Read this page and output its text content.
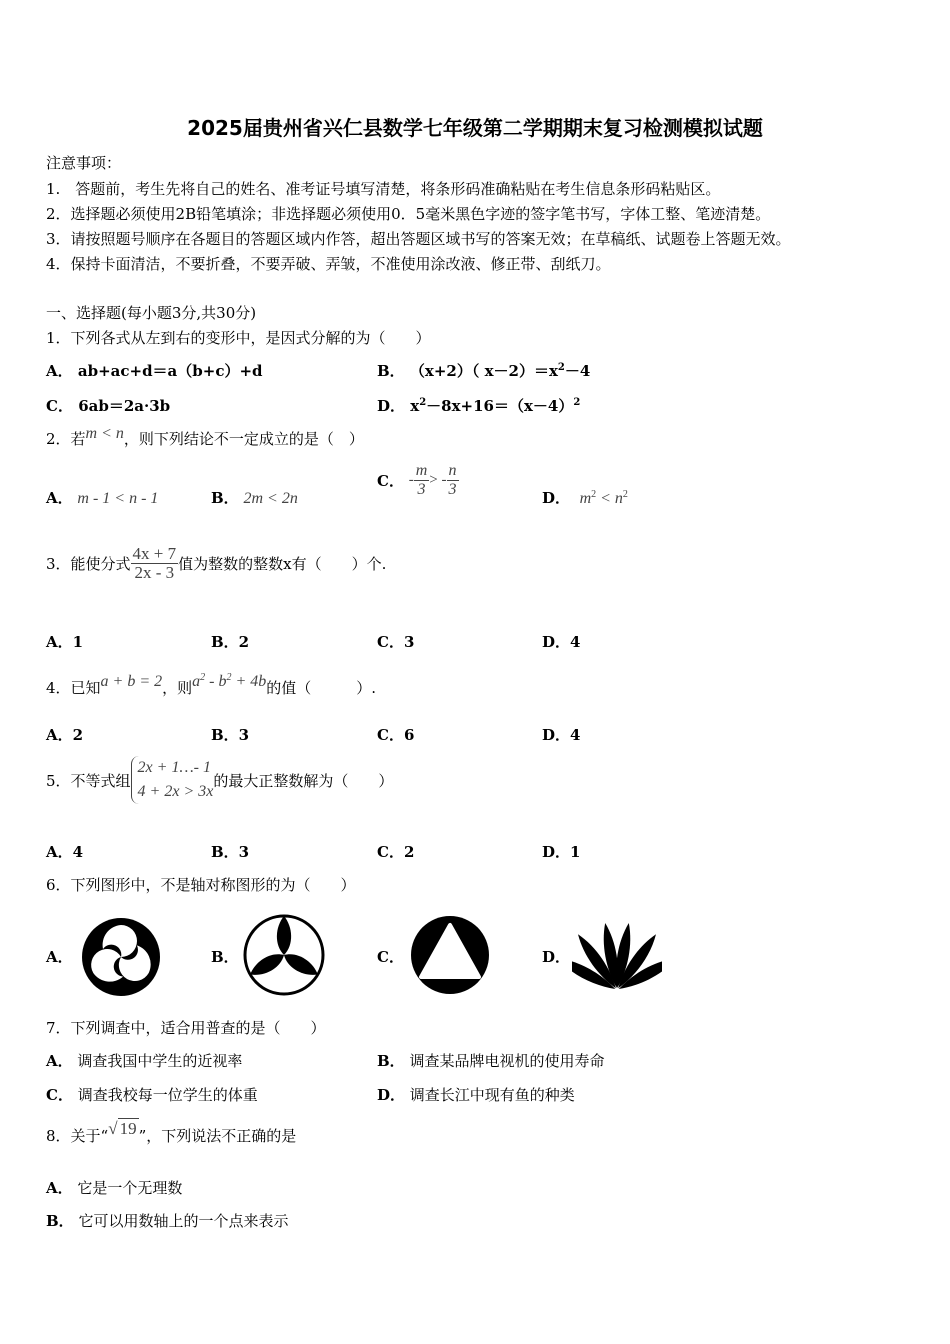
2025届贵州省兴仁县数学七年级第二学期期末复习检测模拟试题
注意事项：
1.　答题前，考生先将自己的姓名、准考证号填写清楚，将条形码准确粘贴在考生信息条形码粘贴区。
2．选择题必须使用2B铅笔填涂；非选择题必须使用0．5毫米黑色字迹的签字笔书写，字体工整、笔迹清楚。
3．请按照题号顺序在各题目的答题区域内作答，超出答题区域书写的答案无效；在草稿纸、试题卷上答题无效。
4．保持卡面清洁，不要折叠，不要弄破、弄皱，不准使用涂改液、修正带、刮纸刀。
一、选择题(每小题3分,共30分)
1．下列各式从左到右的变形中，是因式分解的为（　　）
A． ab+ac+d＝a（b+c）+d	B． （x+2）（ $x-2)=x^2-4$
C． 6ab＝2a·3b	D． $x^2-8x+16=(x-4)^2$
2．若m < n，则下列结论不一定成立的是（　）
A． m - 1 < n - 1	B． 2m < 2n
C．
- $\frac{m}{3}$ > - $\frac{n}{3}$	D． $m^2 < n^2$
3．能使分式 $\frac{4x + 7}{2x - 3}$ 值为整数的整数x有（　　）个.
A．1	B．2	C．3	D．4
4．已知a + b = 2，则$a^2 - b^2 + 4b$的值（　　　）.
A．2	B．3	C．6	D．4
5．不等式组
2x + 1…- 1
4 + 2x > 3x
的最大正整数解为（　　）
A．4	B．3	C．2	D．1
6．下列图形中，不是轴对称图形的为（　　）
A．	B．	C．	D．
7．下列调查中，适合用普查的是（　　）
A． 调查我国中学生的近视率	B． 调查某品牌电视机的使用寿命
C． 调查我校每一位学生的体重	D． 调查长江中现有鱼的种类
8．关于“√ 19 ”，下列说法不正确的是
A． 它是一个无理数
B． 它可以用数轴上的一个点来表示
